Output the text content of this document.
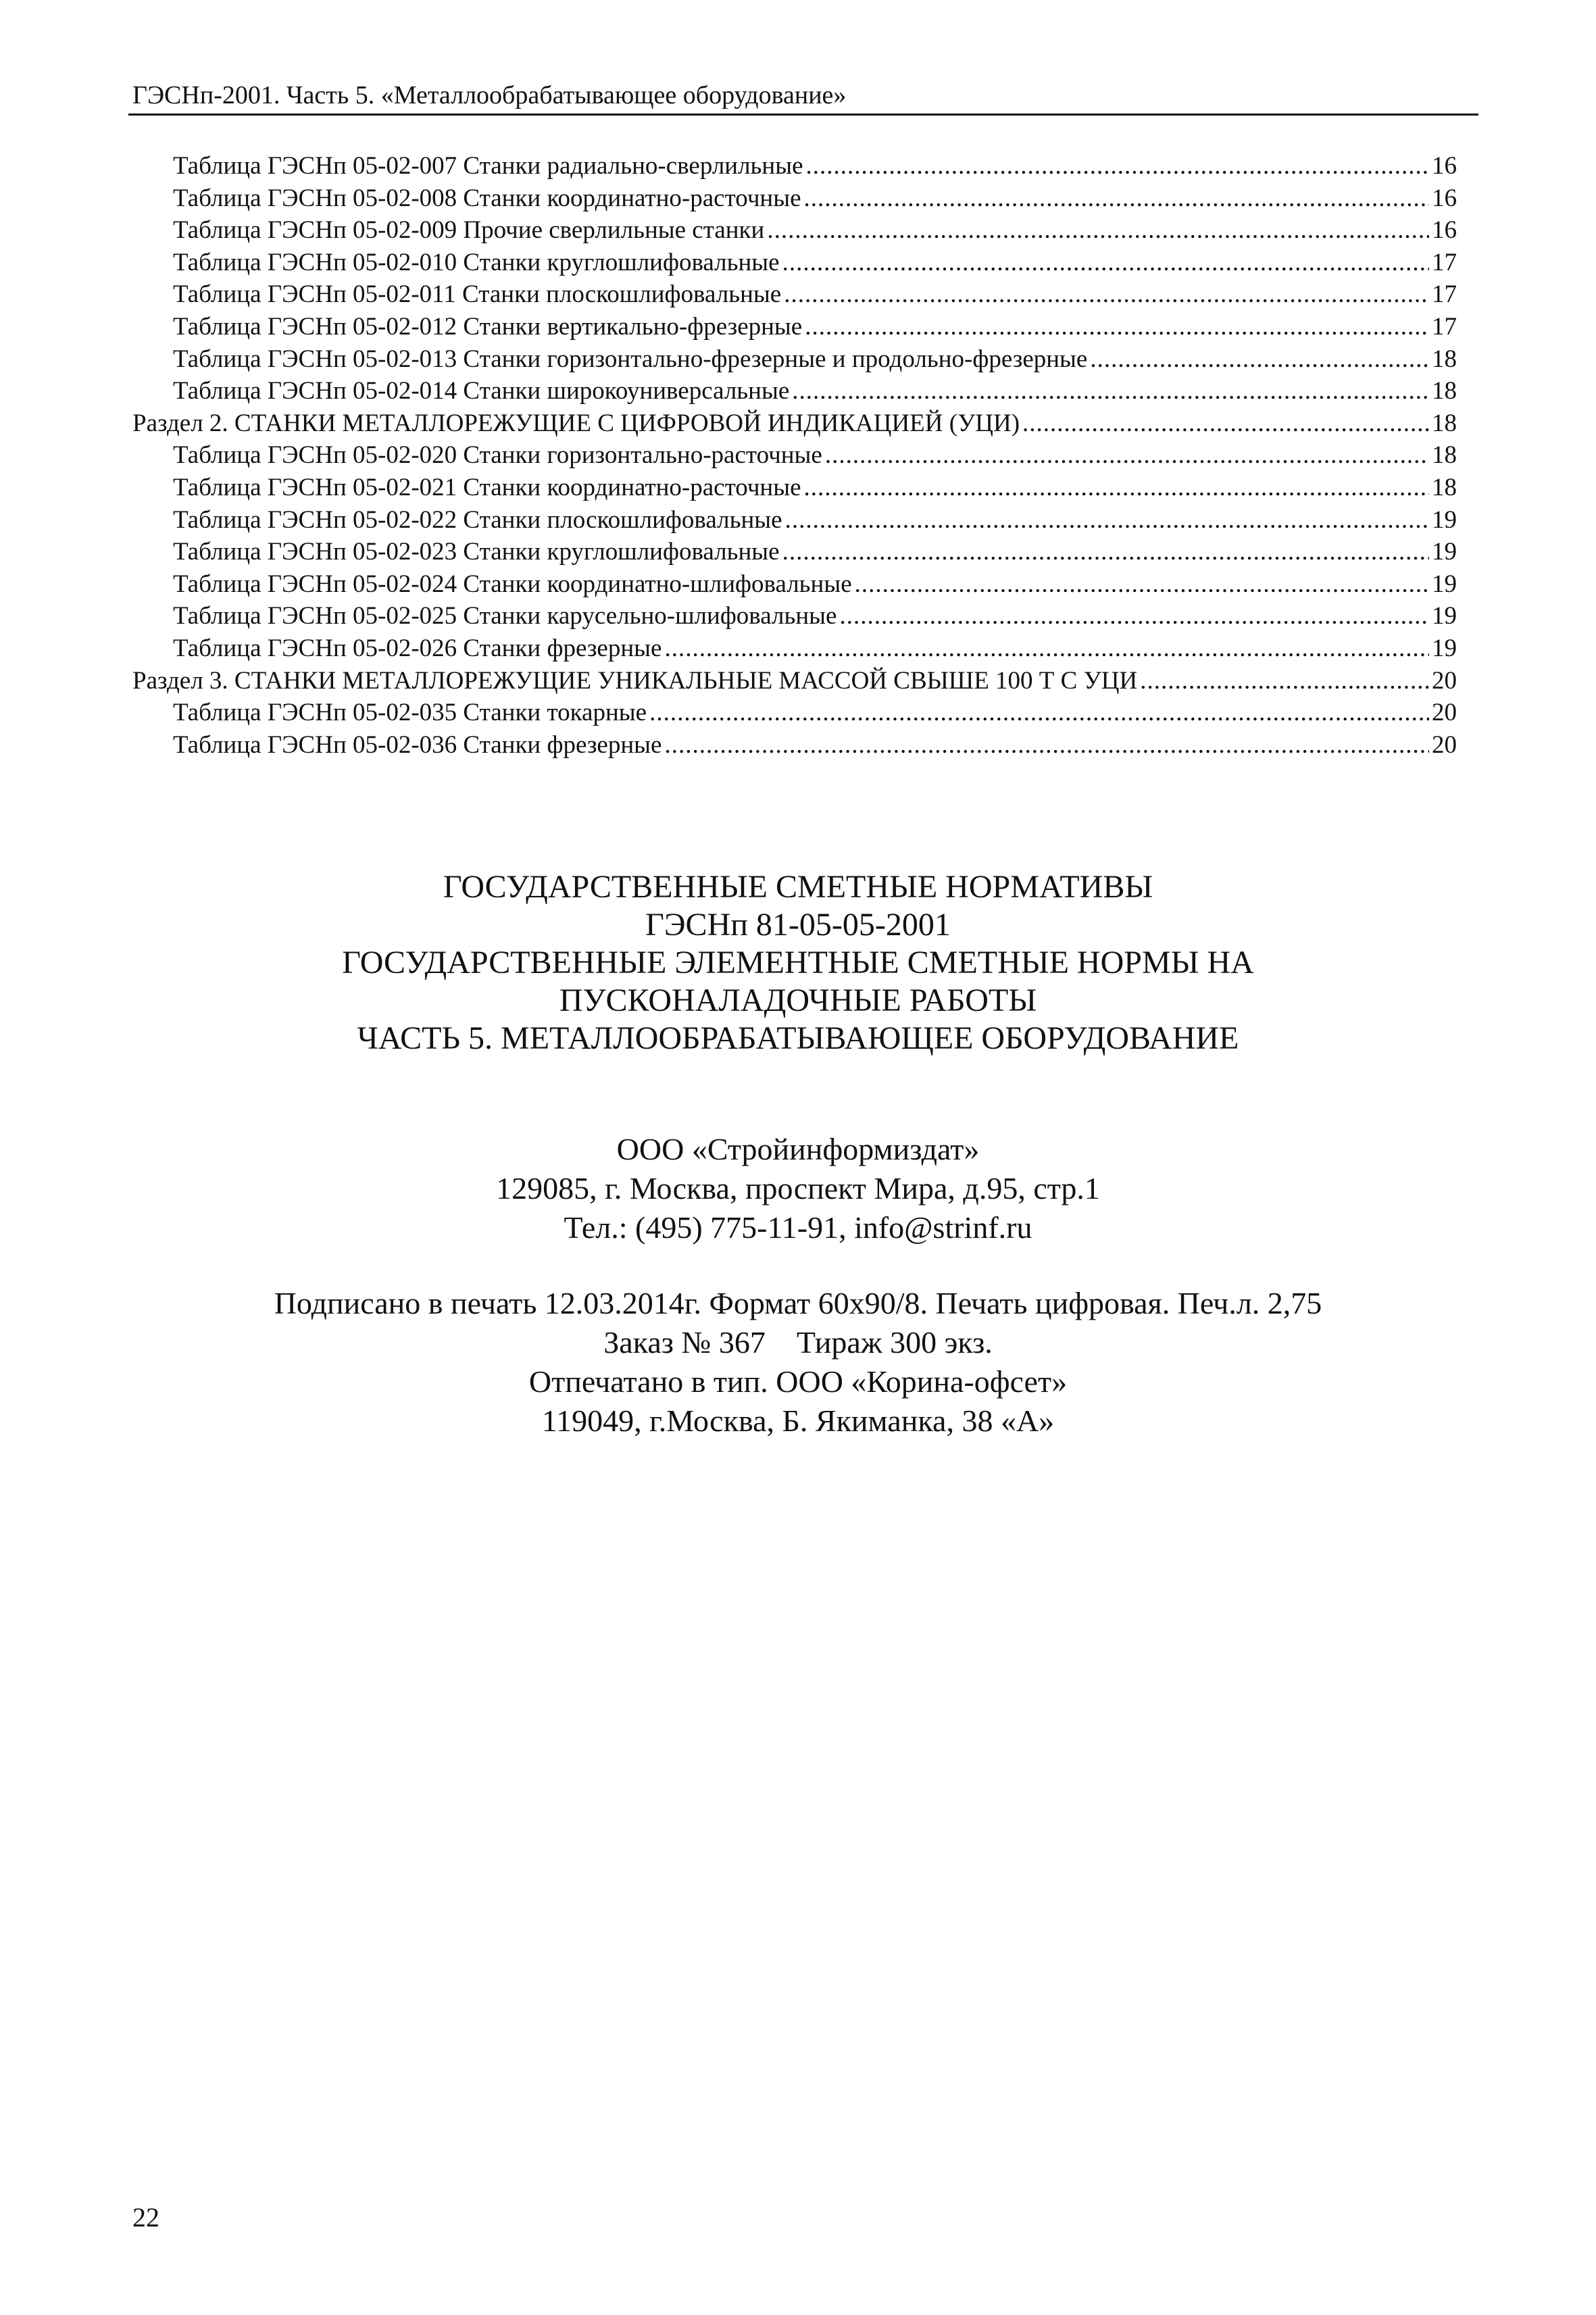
ГЭСНп-2001. Часть 5. «Металлообрабатывающее оборудование»
Таблица ГЭСНп 05-02-007 Станки радиально-сверлильные .....	16
Таблица ГЭСНп 05-02-008 Станки координатно-расточные .....	16
Таблица ГЭСНп 05-02-009 Прочие сверлильные станки .....	16
Таблица ГЭСНп 05-02-010 Станки круглошлифовальные .....	17
Таблица ГЭСНп 05-02-011 Станки плоскошлифовальные .....	17
Таблица ГЭСНп 05-02-012 Станки вертикально-фрезерные .....	17
Таблица ГЭСНп 05-02-013 Станки горизонтально-фрезерные и продольно-фрезерные .....	18
Таблица ГЭСНп 05-02-014 Станки широкоуниверсальные .....	18
Раздел 2. СТАНКИ МЕТАЛЛОРЕЖУЩИЕ С ЦИФРОВОЙ ИНДИКАЦИЕЙ (УЦИ) .....	18
Таблица ГЭСНп 05-02-020 Станки горизонтально-расточные .....	18
Таблица ГЭСНп 05-02-021 Станки координатно-расточные .....	18
Таблица ГЭСНп 05-02-022 Станки плоскошлифовальные .....	19
Таблица ГЭСНп 05-02-023 Станки круглошлифовальные .....	19
Таблица ГЭСНп 05-02-024 Станки координатно-шлифовальные .....	19
Таблица ГЭСНп 05-02-025 Станки карусельно-шлифовальные .....	19
Таблица ГЭСНп 05-02-026 Станки фрезерные .....	19
Раздел 3. СТАНКИ МЕТАЛЛОРЕЖУЩИЕ УНИКАЛЬНЫЕ МАССОЙ СВЫШЕ 100 Т С УЦИ .....	20
Таблица ГЭСНп 05-02-035 Станки токарные .....	20
Таблица ГЭСНп 05-02-036 Станки фрезерные .....	20
ГОСУДАРСТВЕННЫЕ СМЕТНЫЕ НОРМАТИВЫ
ГЭСНп 81-05-05-2001
ГОСУДАРСТВЕННЫЕ ЭЛЕМЕНТНЫЕ СМЕТНЫЕ НОРМЫ НА
ПУСКОНАЛАДОЧНЫЕ РАБОТЫ
ЧАСТЬ 5. МЕТАЛЛООБРАБАТЫВАЮЩЕЕ ОБОРУДОВАНИЕ
ООО «Стройинформиздат»
129085, г. Москва, проспект Мира, д.95, стр.1
Тел.: (495) 775-11-91, info@strinf.ru
Подписано в печать 12.03.2014г. Формат 60х90/8. Печать цифровая. Печ.л. 2,75
Заказ № 367    Тираж 300 экз.
Отпечатано в тип. ООО «Корина-офсет»
119049, г.Москва, Б. Якиманка, 38 «А»
22
